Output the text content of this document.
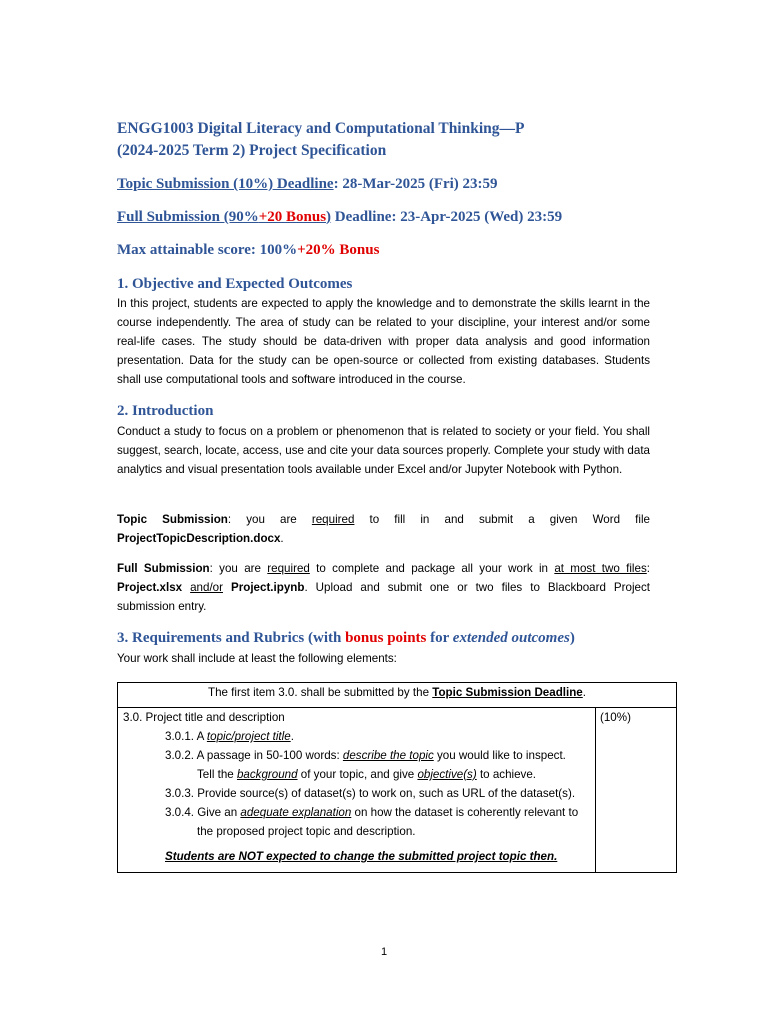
ENGG1003 Digital Literacy and Computational Thinking—P
(2024-2025 Term 2) Project Specification
Topic Submission (10%) Deadline: 28-Mar-2025 (Fri) 23:59
Full Submission (90%+20 Bonus) Deadline: 23-Apr-2025 (Wed) 23:59
Max attainable score: 100%+20% Bonus
1. Objective and Expected Outcomes

In this project, students are expected to apply the knowledge and to demonstrate the skills learnt in the course independently. The area of study can be related to your discipline, your interest and/or some real-life cases. The study should be data-driven with proper data analysis and good information presentation. Data for the study can be open-source or collected from existing databases. Students shall use computational tools and software introduced in the course.

2. Introduction

Conduct a study to focus on a problem or phenomenon that is related to society or your field. You shall suggest, search, locate, access, use and cite your data sources properly. Complete your study with data analytics and visual presentation tools available under Excel and/or Jupyter Notebook with Python.

Topic Submission: you are required to fill in and submit a given Word file ProjectTopicDescription.docx.

Full Submission: you are required to complete and package all your work in at most two files: Project.xlsx and/or Project.ipynb. Upload and submit one or two files to Blackboard Project submission entry.

3. Requirements and Rubrics (with bonus points for extended outcomes)
Your work shall include at least the following elements:
The first item 3.0. shall be submitted by the Topic Submission Deadline.

3.0. Project title and description
3.0.1. A topic/project title.
3.0.2. A passage in 50-100 words: describe the topic you would like to inspect.
Tell the background of your topic, and give objective(s) to achieve.
3.0.3. Provide source(s) of dataset(s) to work on, such as URL of the dataset(s).
3.0.4. Give an adequate explanation on how the dataset is coherently relevant to
the proposed project topic and description.
Students are NOT expected to change the submitted project topic then.
	(10%)
1
